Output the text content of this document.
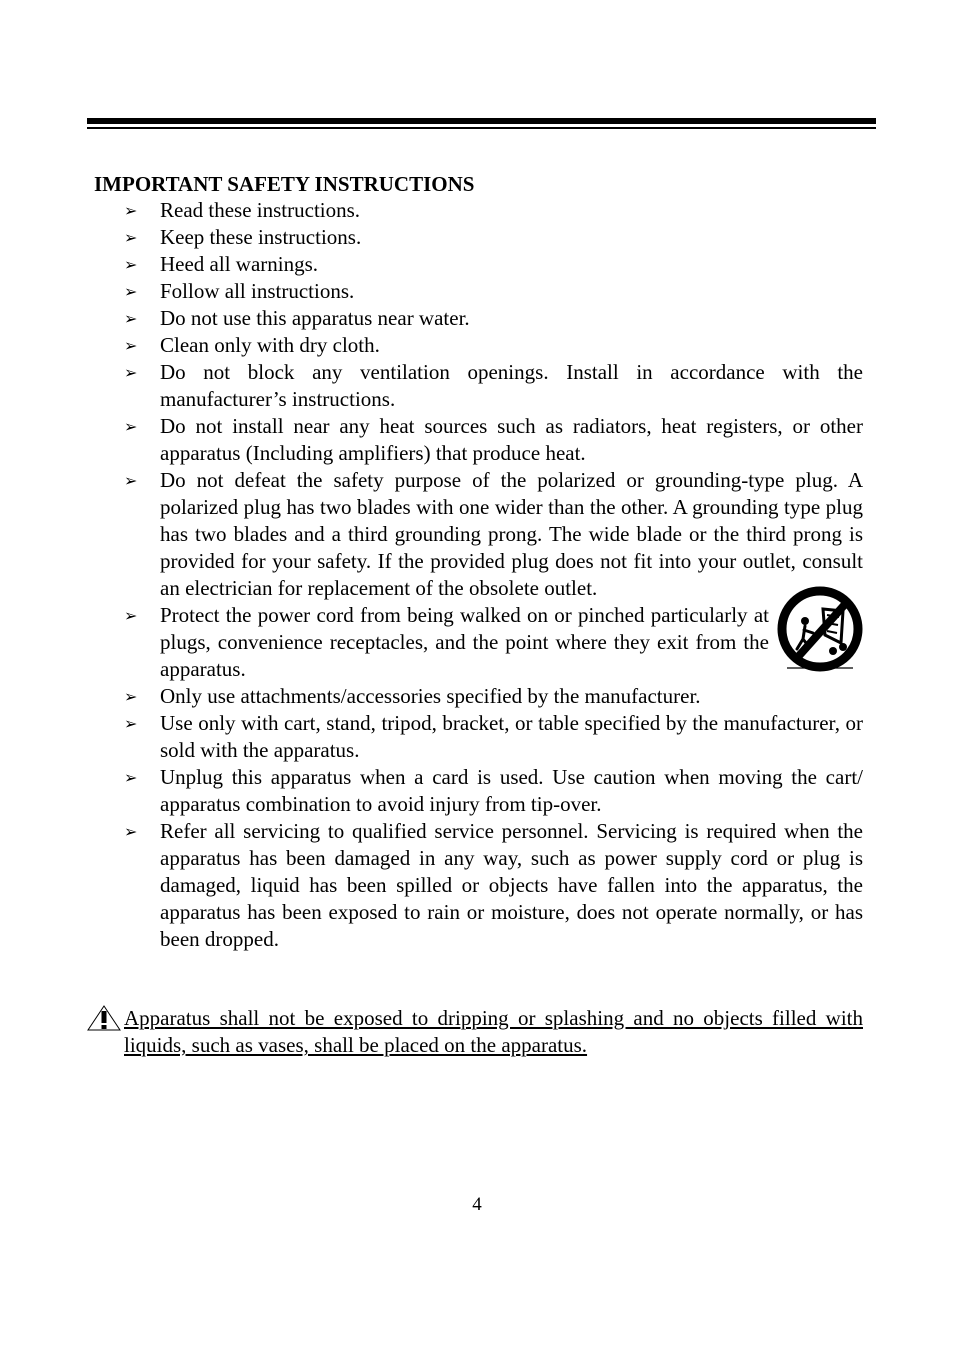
IMPORTANT SAFETY INSTRUCTIONS
➢	Read these instructions.
➢	Keep these instructions.
➢	Heed all warnings.
➢	Follow all instructions.
➢	Do not use this apparatus near water.
➢	Clean only with dry cloth.
➢	Do not block any ventilation openings. Install in accordance with the manufacturer’s instructions.
➢	Do not install near any heat sources such as radiators, heat registers, or other apparatus (Including amplifiers) that produce heat.
➢	Do not defeat the safety purpose of the polarized or grounding-type plug. A polarized plug has two blades with one wider than the other. A grounding type plug has two blades and a third grounding prong. The wide blade or the third prong is provided for your safety. If the provided plug does not fit into your outlet, consult an electrician for replacement of the obsolete outlet.
➢	Protect the power cord from being walked on or pinched particularly at plugs, convenience receptacles, and the point where they exit from the apparatus.
➢	Only use attachments/accessories specified by the manufacturer.
➢	Use only with cart, stand, tripod, bracket, or table specified by the manufacturer, or sold with the apparatus.
➢	Unplug this apparatus when a card is used. Use caution when moving the cart/ apparatus combination to avoid injury from tip-over.
➢	Refer all servicing to qualified service personnel. Servicing is required when the apparatus has been damaged in any way, such as power supply cord or plug is damaged, liquid has been spilled or objects have fallen into the apparatus, the apparatus has been exposed to rain or moisture, does not operate normally, or has been dropped.
Apparatus shall not be exposed to dripping or splashing and no objects filled with liquids, such as vases, shall be placed on the apparatus.
4
